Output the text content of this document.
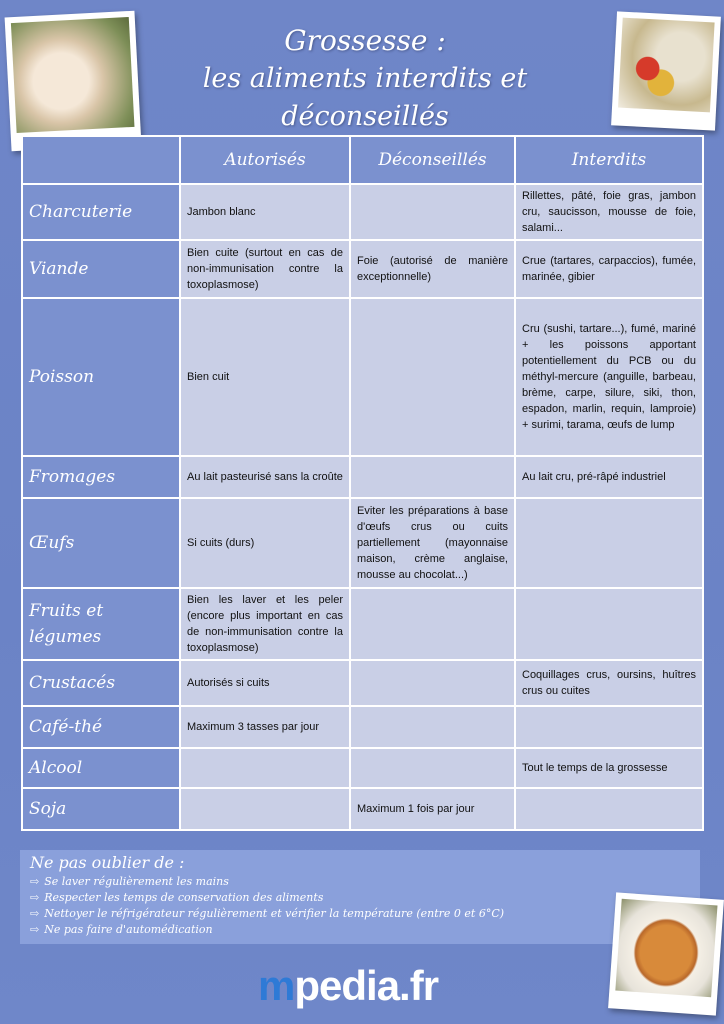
Grossesse :
les aliments interdits et déconseillés
	Autorisés	Déconseillés	Interdits
Charcuterie	Jambon blanc		Rillettes, pâté, foie gras, jambon cru, saucisson, mousse de foie, salami...
Viande	Bien cuite (surtout en cas de non-immunisation contre la toxoplasmose)	Foie (autorisé de manière exceptionnelle)	Crue (tartares, carpaccios), fumée, marinée, gibier
Poisson	Bien cuit		Cru (sushi, tartare...), fumé, mariné + les poissons apportant potentiellement du PCB ou du méthyl-mercure (anguille, barbeau, brème, carpe, silure, siki, thon, espadon, marlin, requin, lamproie) + surimi, tarama, œufs de lump
Fromages	Au lait pasteurisé sans la croûte		Au lait cru, pré-râpé industriel
Œufs	Si cuits (durs)	Eviter les préparations à base d'œufs crus ou cuits partiellement (mayonnaise maison, crème anglaise, mousse au chocolat...)	
Fruits et légumes	Bien les laver et les peler (encore plus important en cas de non-immunisation contre la toxoplasmose)		
Crustacés	Autorisés si cuits		Coquillages crus, oursins, huîtres crus ou cuites
Café-thé	Maximum 3 tasses par jour		
Alcool			Tout le temps de la grossesse
Soja		Maximum 1 fois par jour	
Ne pas oublier de :
⇨ Se laver régulièrement les mains
⇨ Respecter les temps de conservation des aliments
⇨ Nettoyer le réfrigérateur régulièrement et vérifier la température (entre 0 et 6°C)
⇨ Ne pas faire d'automédication
mpedia.fr
